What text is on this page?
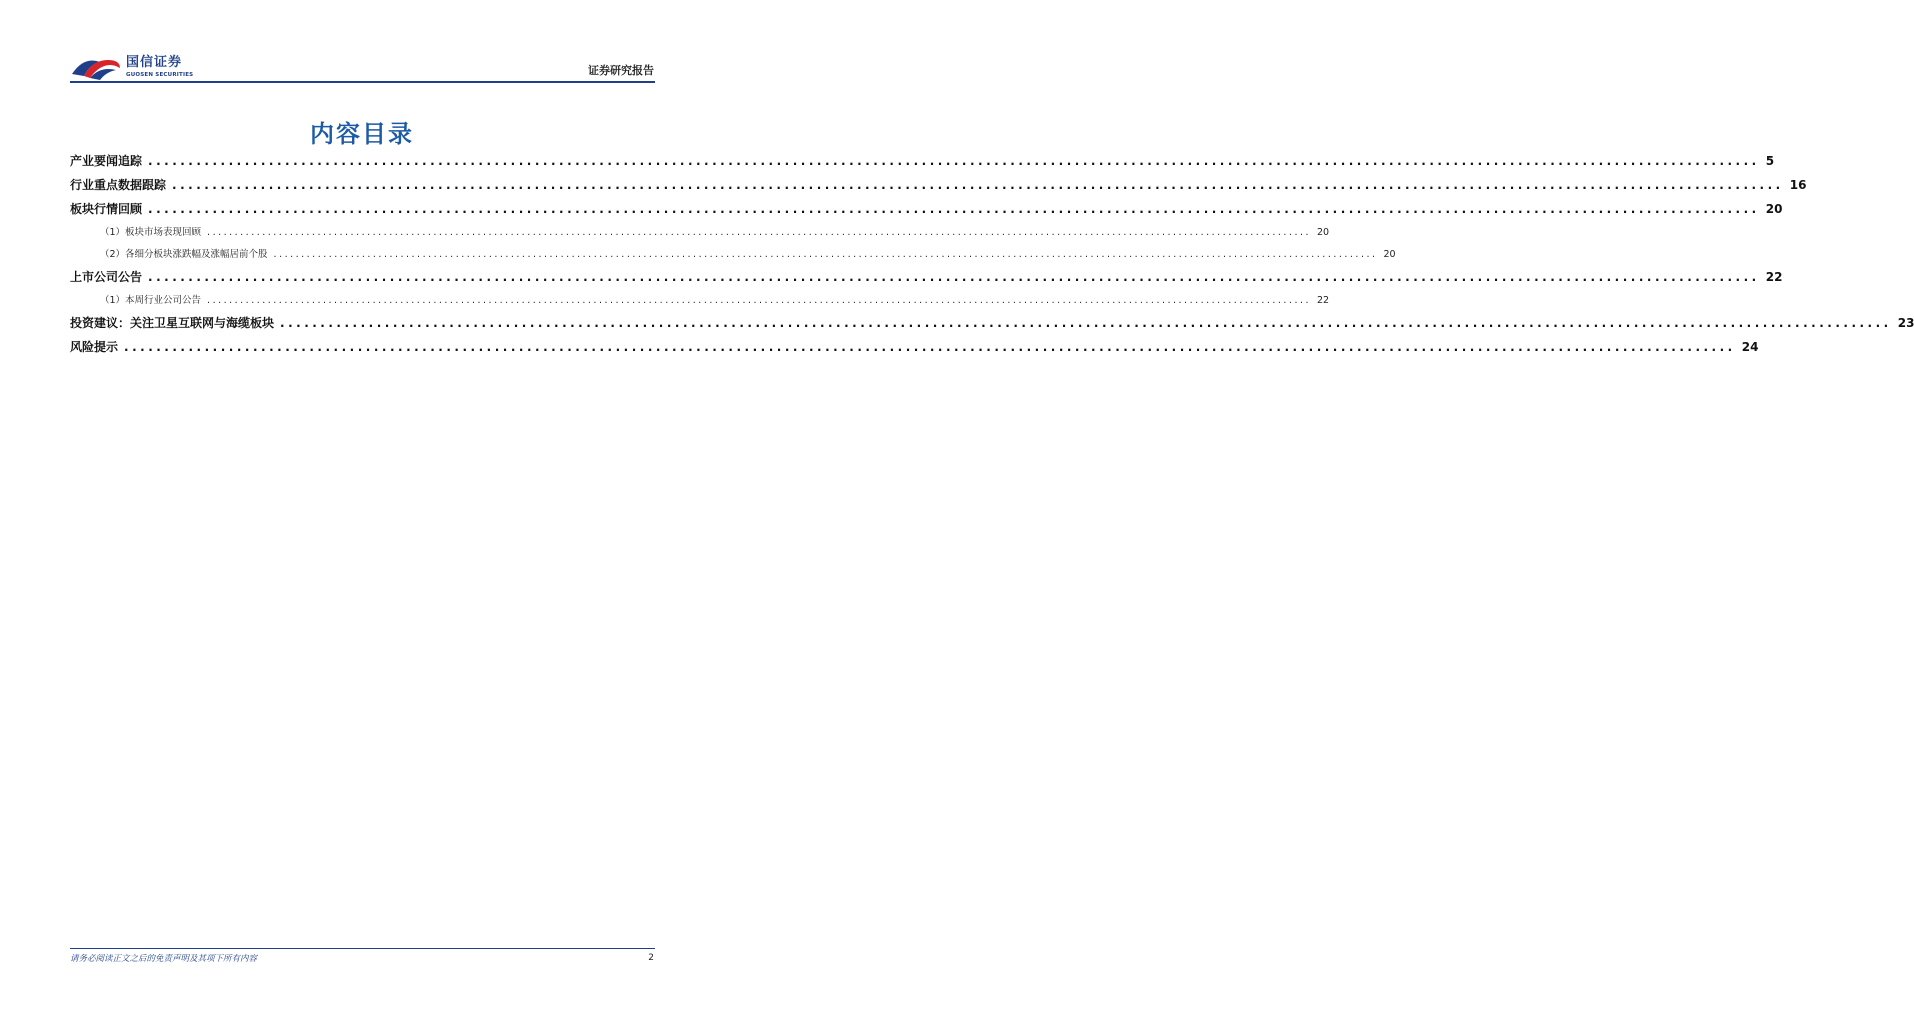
国信证券
GUOSEN SECURITIES	证券研究报告
内容目录
产业要闻追踪 ........................................................................................................................................................................................................ 5
行业重点数据跟踪 ........................................................................................................................................................................................................ 16
板块行情回顾 ........................................................................................................................................................................................................ 20
（1）板块市场表现回顾 ........................................................................................................................................................................................................ 20
（2）各细分板块涨跌幅及涨幅居前个股 ........................................................................................................................................................................................................ 20
上市公司公告 ........................................................................................................................................................................................................ 22
（1）本周行业公司公告 ........................................................................................................................................................................................................ 22
投资建议：关注卫星互联网与海缆板块 ........................................................................................................................................................................................................ 23
风险提示 ........................................................................................................................................................................................................ 24
请务必阅读正文之后的免责声明及其项下所有内容	2
